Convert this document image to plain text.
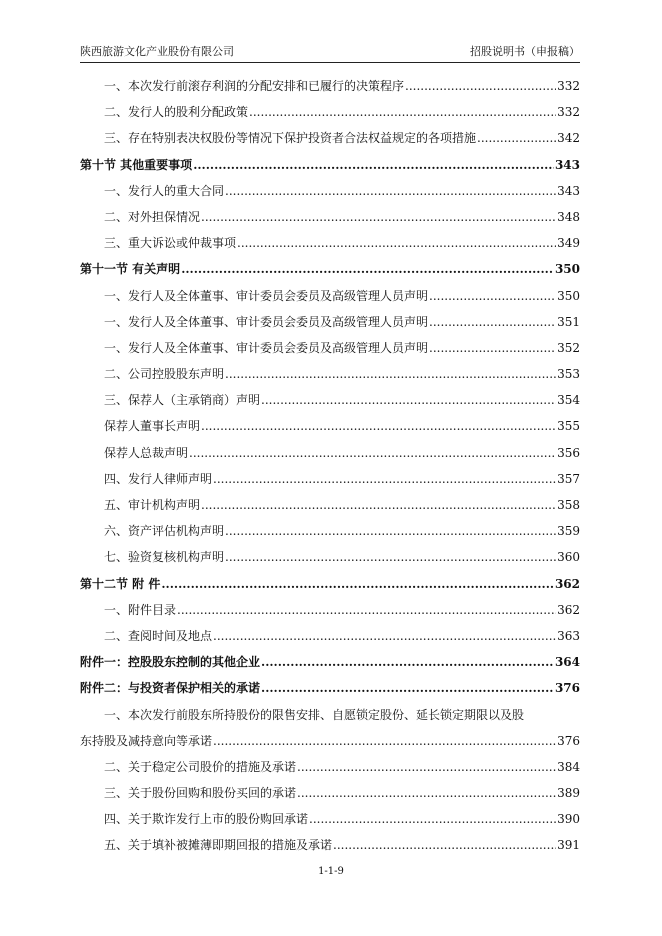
陕西旅游文化产业股份有限公司	招股说明书（申报稿）
一、本次发行前滚存利润的分配安排和已履行的决策程序 .....	332
二、发行人的股利分配政策 .....	332
三、存在特别表决权股份等情况下保护投资者合法权益规定的各项措施 .....	342
第十节 其他重要事项 .....	343
一、发行人的重大合同 .....	343
二、对外担保情况 .....	348
三、重大诉讼或仲裁事项 .....	349
第十一节 有关声明 .....	350
一、发行人及全体董事、审计委员会委员及高级管理人员声明 .....	350
一、发行人及全体董事、审计委员会委员及高级管理人员声明 .....	351
一、发行人及全体董事、审计委员会委员及高级管理人员声明 .....	352
二、公司控股股东声明 .....	353
三、保荐人（主承销商）声明 .....	354
保荐人董事长声明 .....	355
保荐人总裁声明 .....	356
四、发行人律师声明 .....	357
五、审计机构声明 .....	358
六、资产评估机构声明 .....	359
七、验资复核机构声明 .....	360
第十二节 附 件 .....	362
一、附件目录 .....	362
二、查阅时间及地点 .....	363
附件一：控股股东控制的其他企业 .....	364
附件二：与投资者保护相关的承诺 .....	376
一、本次发行前股东所持股份的限售安排、自愿锁定股份、延长锁定期限以及股
东持股及减持意向等承诺 .....	376
二、关于稳定公司股价的措施及承诺 .....	384
三、关于股份回购和股份买回的承诺 .....	389
四、关于欺诈发行上市的股份购回承诺 .....	390
五、关于填补被摊薄即期回报的措施及承诺 .....	391
1-1-9
